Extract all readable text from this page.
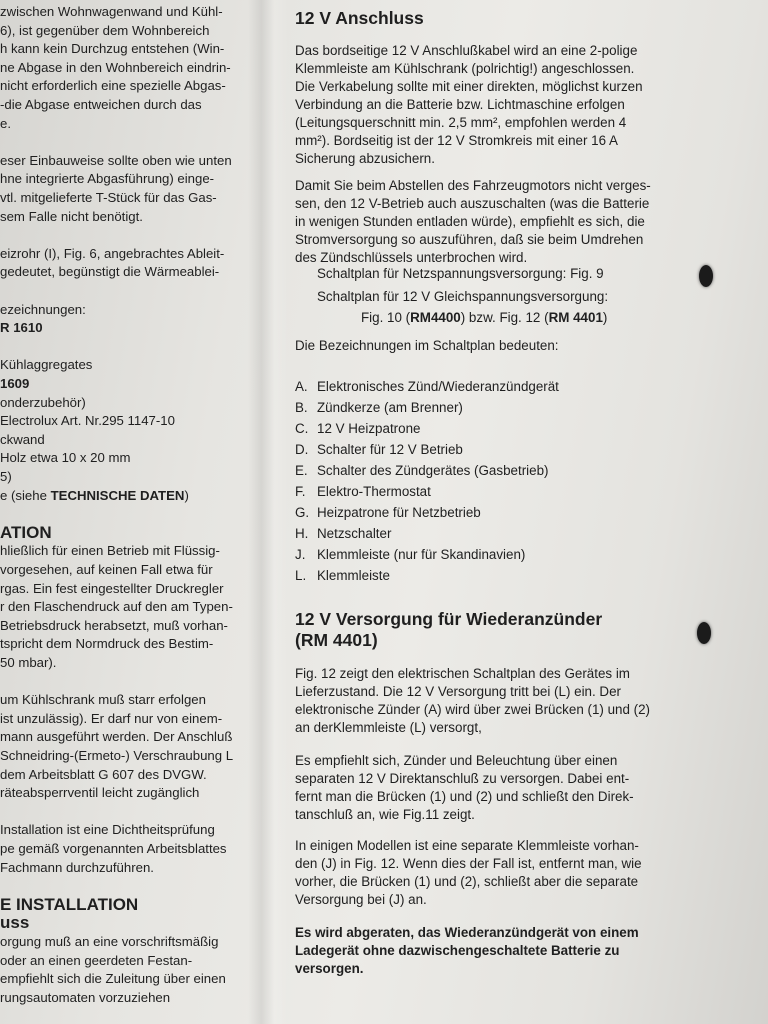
zwischen Wohnwagenwand und Kühl-
6), ist gegenüber dem Wohnbereich
h kann kein Durchzug entstehen (Win-
ne Abgase in den Wohnbereich eindrin-
nicht erforderlich eine spezielle Abgas-
-die Abgase entweichen durch das
e.
eser Einbauweise sollte oben wie unten
hne integrierte Abgasführung) einge-
vtl. mitgelieferte T-Stück für das Gas-
sem Falle nicht benötigt.
eizrohr (I), Fig. 6, angebrachtes Ableit-
gedeutet, begünstigt die Wärmeablei-
ezeichnungen:
R 1610
Kühlaggregates
1609
onderzubehör)
Electrolux Art. Nr.295 1147-10
ckwand
Holz etwa 10 x 20 mm
5)
e (siehe TECHNISCHE DATEN)
ATION
hließlich für einen Betrieb mit Flüssig-
vorgesehen, auf keinen Fall etwa für
rgas. Ein fest eingestellter Druckregler
r den Flaschendruck auf den am Typen-
Betriebsdruck herabsetzt, muß vorhan-
tspricht dem Normdruck des Bestim-
50 mbar).
um Kühlschrank muß starr erfolgen
ist unzulässig). Er darf nur von einem-
mann ausgeführt werden. Der Anschluß
Schneidring-(Ermeto-) Verschraubung L
dem Arbeitsblatt G 607 des DVGW.
räteabsperrventil leicht zugänglich
Installation ist eine Dichtheitsprüfung
pe gemäß vorgenannten Arbeitsblattes
Fachmann durchzuführen.
E INSTALLATION
uss
orgung muß an eine vorschriftsmäßig
oder an einen geerdeten Festan-
empfiehlt sich die Zuleitung über einen
rungsautomaten vorzuziehen
12 V Anschluss
Das bordseitige 12 V Anschlußkabel wird an eine 2-polige
Klemmleiste am Kühlschrank (polrichtig!) angeschlossen.
Die Verkabelung sollte mit einer direkten, möglichst kurzen
Verbindung an die Batterie bzw. Lichtmaschine erfolgen
(Leitungsquerschnitt min. 2,5 mm², empfohlen werden 4
mm²). Bordseitig ist der 12 V Stromkreis mit einer 16 A
Sicherung abzusichern.
Damit Sie beim Abstellen des Fahrzeugmotors nicht verges-
sen, den 12 V-Betrieb auch auszuschalten (was die Batterie
in wenigen Stunden entladen würde), empfiehlt es sich, die
Stromversorgung so auszuführen, daß sie beim Umdrehen
des Zündschlüssels unterbrochen wird.
Schaltplan für Netzspannungsversorgung: Fig. 9
Schaltplan für 12 V Gleichspannungsversorgung:
Fig. 10 (RM4400) bzw. Fig. 12 (RM 4401)
Die Bezeichnungen im Schaltplan bedeuten:
A. Elektronisches Zünd/Wiederanzündgerät
B. Zündkerze (am Brenner)
C. 12 V Heizpatrone
D. Schalter für 12 V Betrieb
E. Schalter des Zündgerätes (Gasbetrieb)
F. Elektro-Thermostat
G. Heizpatrone für Netzbetrieb
H. Netzschalter
J. Klemmleiste (nur für Skandinavien)
L. Klemmleiste
12 V Versorgung für Wiederanzünder
(RM 4401)
Fig. 12 zeigt den elektrischen Schaltplan des Gerätes im
Lieferzustand. Die 12 V Versorgung tritt bei (L) ein. Der
elektronische Zünder (A) wird über zwei Brücken (1) und (2)
an derKlemmleiste (L) versorgt,
Es empfiehlt sich, Zünder und Beleuchtung über einen
separaten 12 V Direktanschluß zu versorgen. Dabei ent-
fernt man die Brücken (1) und (2) und schließt den Direk-
tanschluß an, wie Fig.11 zeigt.
In einigen Modellen ist eine separate Klemmleiste vorhan-
den (J) in Fig. 12. Wenn dies der Fall ist, entfernt man, wie
vorher, die Brücken (1) und (2), schließt aber die separate
Versorgung bei (J) an.
Es wird abgeraten, das Wiederanzündgerät von einem
Ladegerät ohne dazwischengeschaltete Batterie zu
versorgen.
